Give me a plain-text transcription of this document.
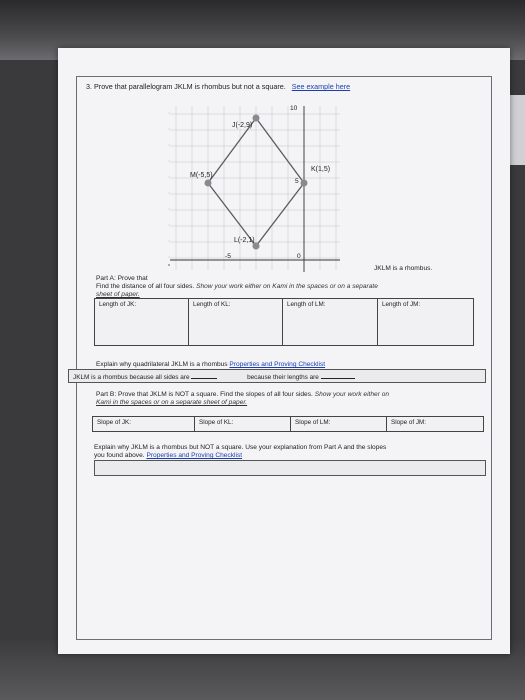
3. Prove that parallelogram JKLM is rhombus but not a square. See example here
J(-2,9)
K(1,5)
L(-2,1)
M(-5,5)
10
5
-5	0
Part A: Prove that
JKLM is a rhombus.
Find the distance of all four sides. Show your work either on Kami in the spaces or on a separate
sheet of paper.
Length of JK:	Length of KL:	Length of LM:	Length of JM:
Explain why quadrilateral JKLM is a rhombus Properties and Proving Checklist
JKLM is a rhombus because all sides are	because their lengths are
Part B: Prove that JKLM is NOT a square. Find the slopes of all four sides. Show your work either on
Kami in the spaces or on a separate sheet of paper.
Slope of JK:	Slope of KL:	Slope of LM:	Slope of JM:
Explain why JKLM is a rhombus but NOT a square. Use your explanation from Part A and the slopes
you found above. Properties and Proving Checklist
